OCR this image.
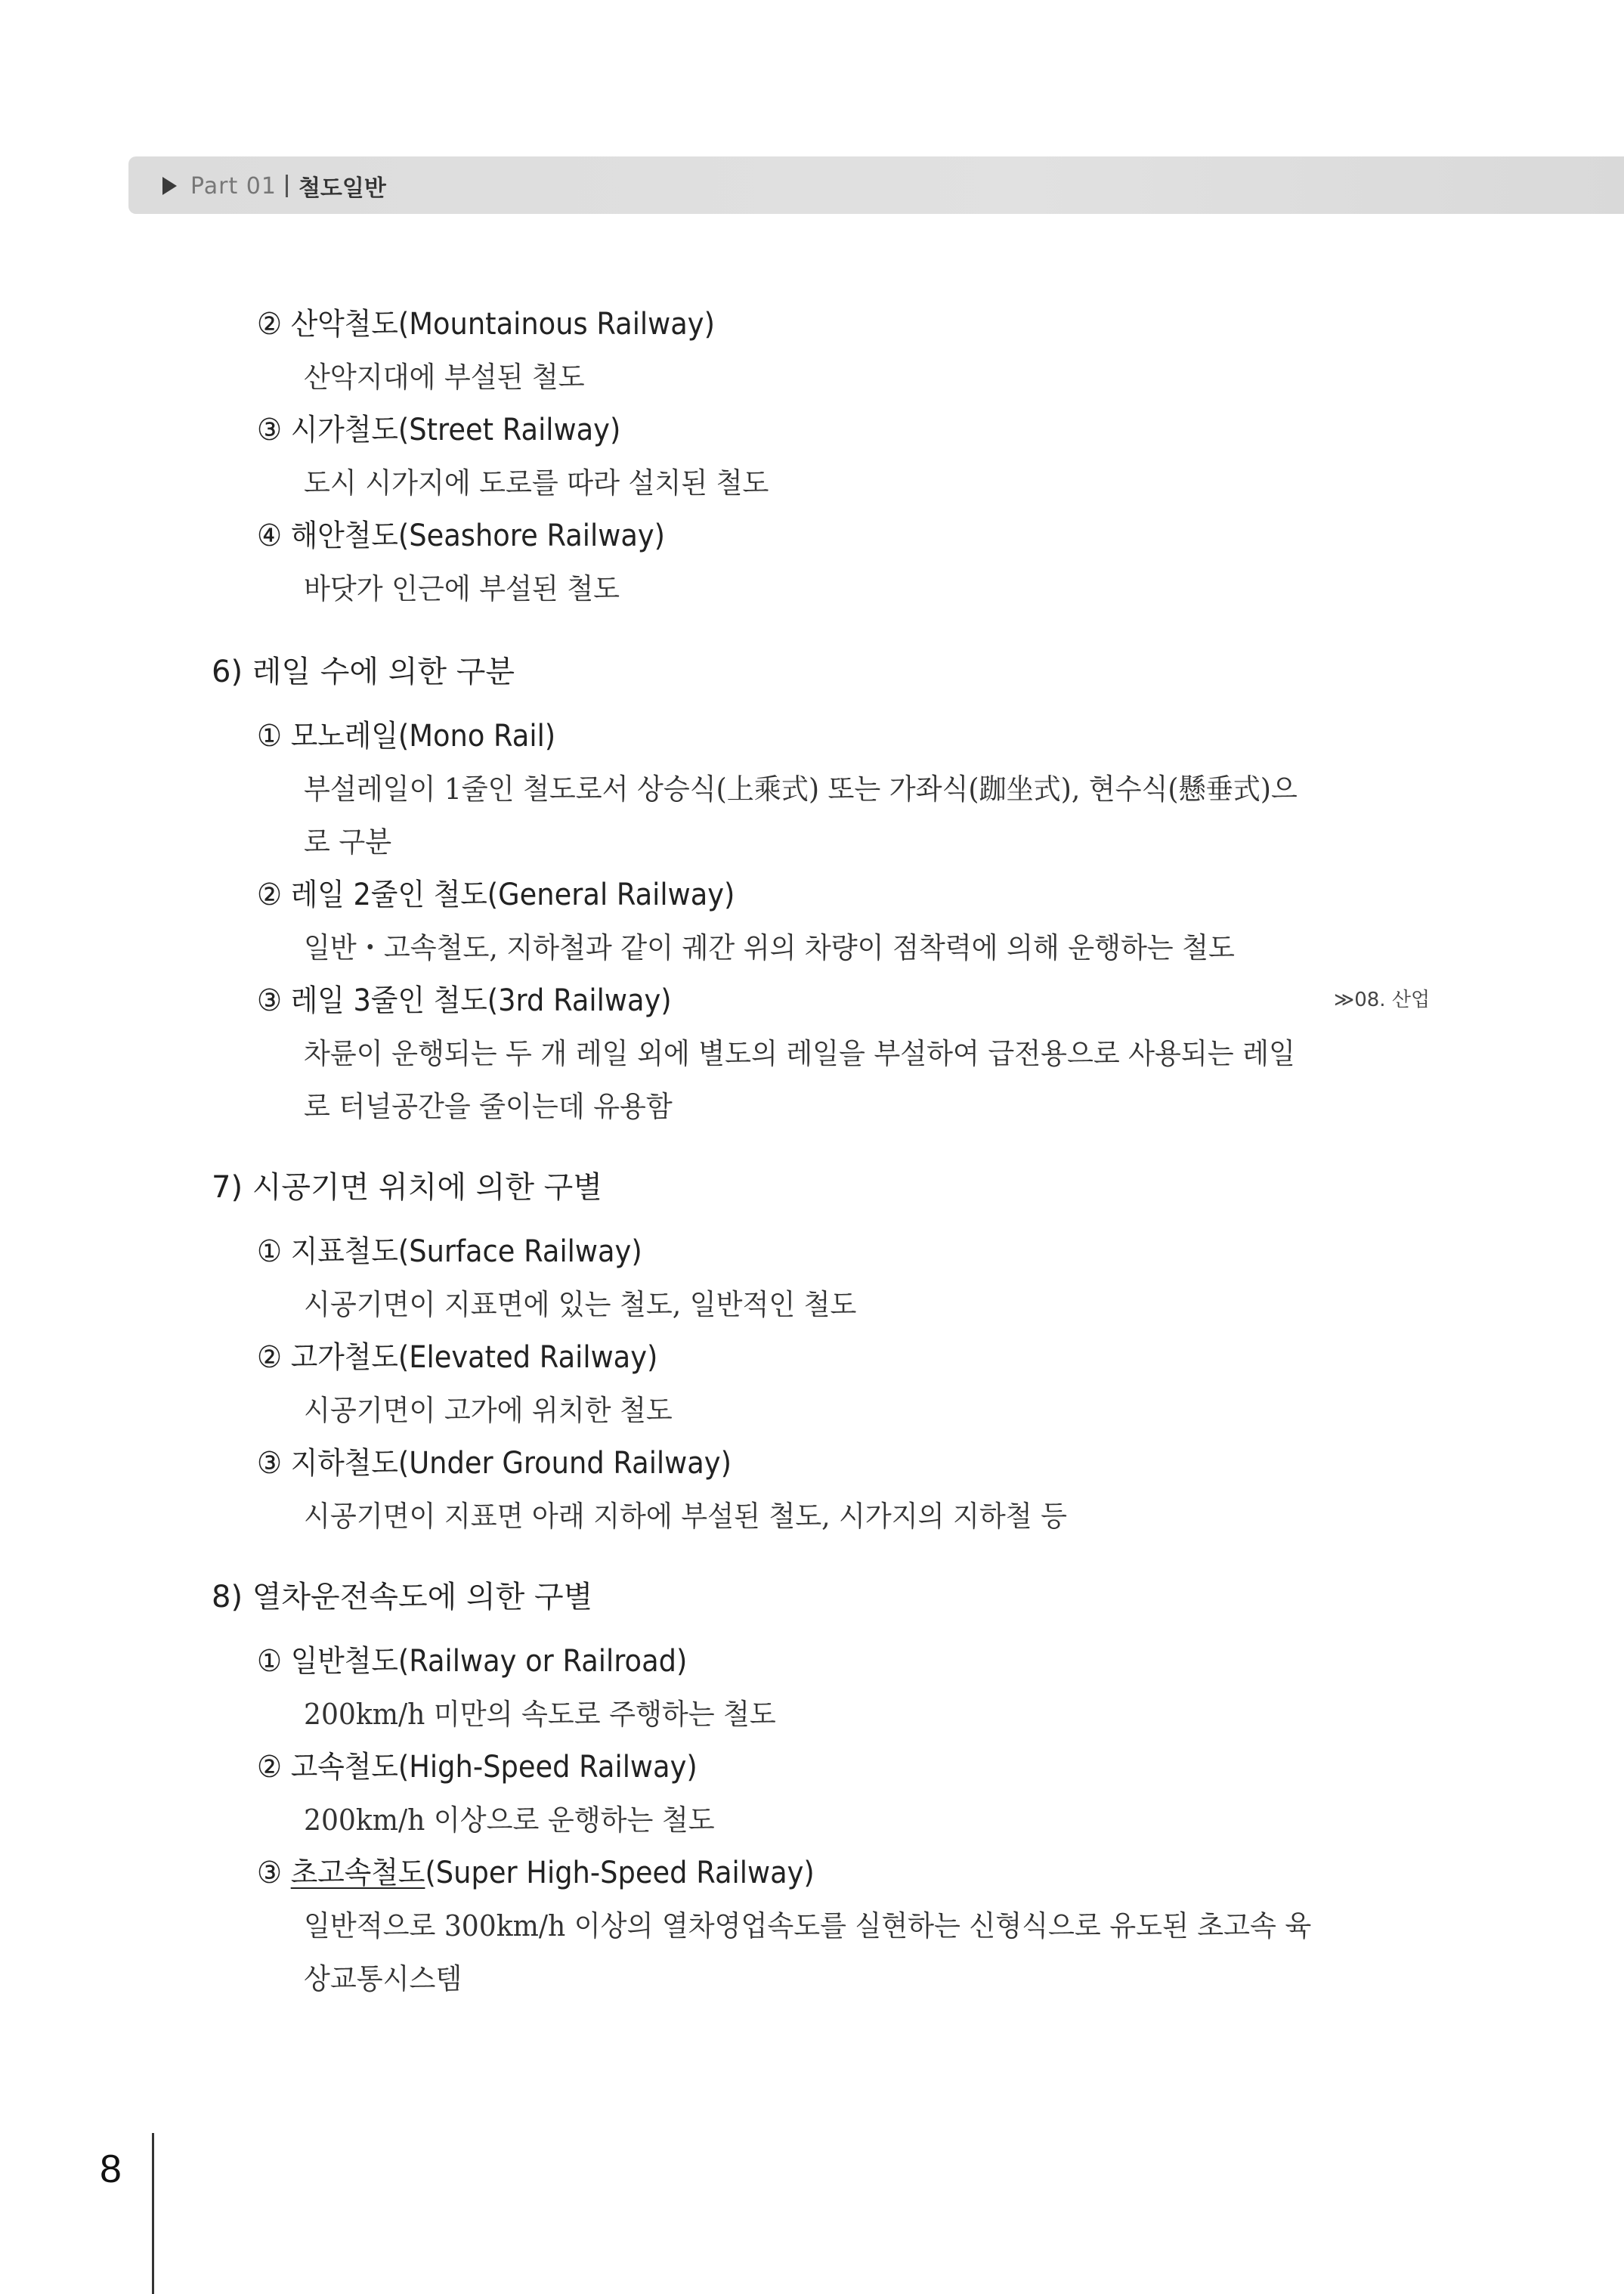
Part 01 철도일반
② 산악철도(Mountainous Railway)
산악지대에 부설된 철도
③ 시가철도(Street Railway)
도시 시가지에 도로를 따라 설치된 철도
④ 해안철도(Seashore Railway)
바닷가 인근에 부설된 철도
6) 레일 수에 의한 구분
① 모노레일(Mono Rail)
부설레일이 1줄인 철도로서 상승식(上乘式) 또는 가좌식(跏坐式), 현수식(懸垂式)으
로 구분
② 레일 2줄인 철도(General Railway)
일반・고속철도, 지하철과 같이 궤간 위의 차량이 점착력에 의해 운행하는 철도
③ 레일 3줄인 철도(3rd Railway)	≫08. 산업
차륜이 운행되는 두 개 레일 외에 별도의 레일을 부설하여 급전용으로 사용되는 레일
로 터널공간을 줄이는데 유용함
7) 시공기면 위치에 의한 구별
① 지표철도(Surface Railway)
시공기면이 지표면에 있는 철도, 일반적인 철도
② 고가철도(Elevated Railway)
시공기면이 고가에 위치한 철도
③ 지하철도(Under Ground Railway)
시공기면이 지표면 아래 지하에 부설된 철도, 시가지의 지하철 등
8) 열차운전속도에 의한 구별
① 일반철도(Railway or Railroad)
200km/h 미만의 속도로 주행하는 철도
② 고속철도(High-Speed Railway)
200km/h 이상으로 운행하는 철도
③ 초고속철도(Super High-Speed Railway)
일반적으로 300km/h 이상의 열차영업속도를 실현하는 신형식으로 유도된 초고속 육
상교통시스템
8
